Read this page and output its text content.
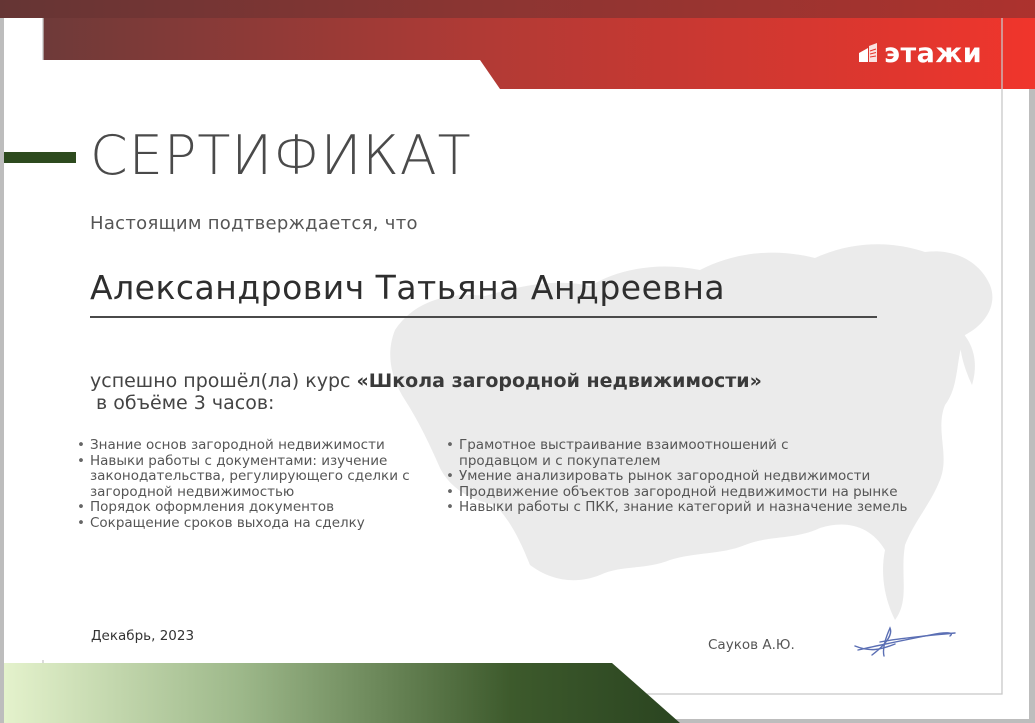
этажи
СЕРТИФИКАТ
Настоящим подтверждается, что
Александрович Татьяна Андреевна
успешно прошёл(ла) курс «Школа загородной недвижимости»
в объёме 3 часов:
• Знание основ загородной недвижимости
• Навыки работы с документами: изучение законодательства, регулирующего сделки с загородной недвижимостью
• Порядок оформления документов
• Сокращение сроков выхода на сделку
• Грамотное выстраивание взаимоотношений с продавцом и с покупателем
• Умение анализировать рынок загородной недвижимости
• Продвижение объектов загородной недвижимости на рынке
• Навыки работы с ПКК, знание категорий и назначение земель
Декабрь, 2023
Сауков А.Ю.
